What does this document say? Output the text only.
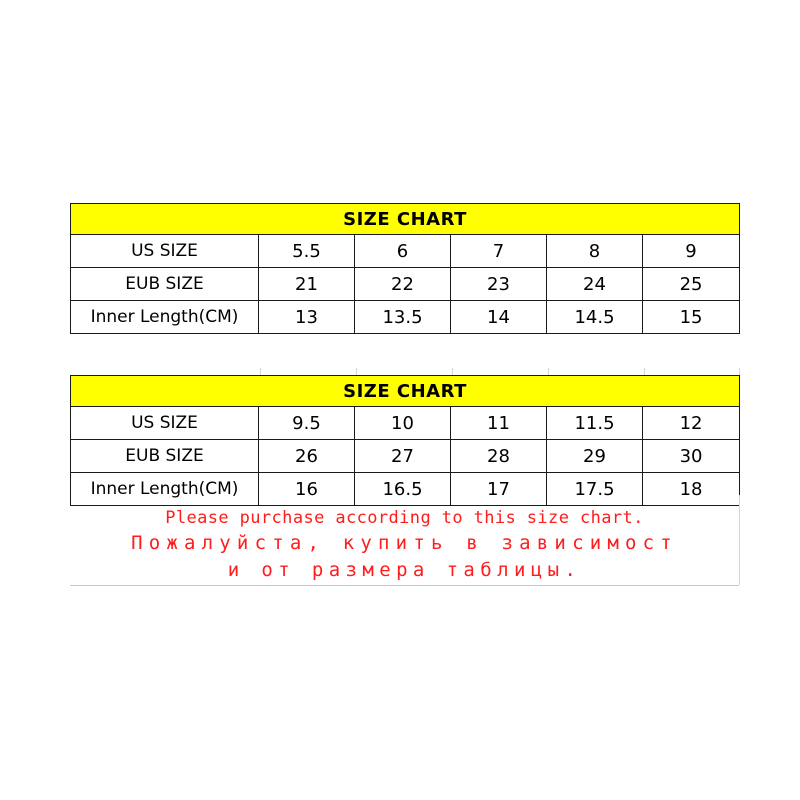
SIZE CHART					
US SIZE	5.5	6	7	8	9
EUB SIZE	21	22	23	24	25
Inner Length(CM)	13	13.5	14	14.5	15
SIZE CHART					
US SIZE	9.5	10	11	11.5	12
EUB SIZE	26	27	28	29	30
Inner Length(CM)	16	16.5	17	17.5	18
Please purchase according to this size chart.
Пожалуйста, купить в зависимост
и от размера таблицы.
